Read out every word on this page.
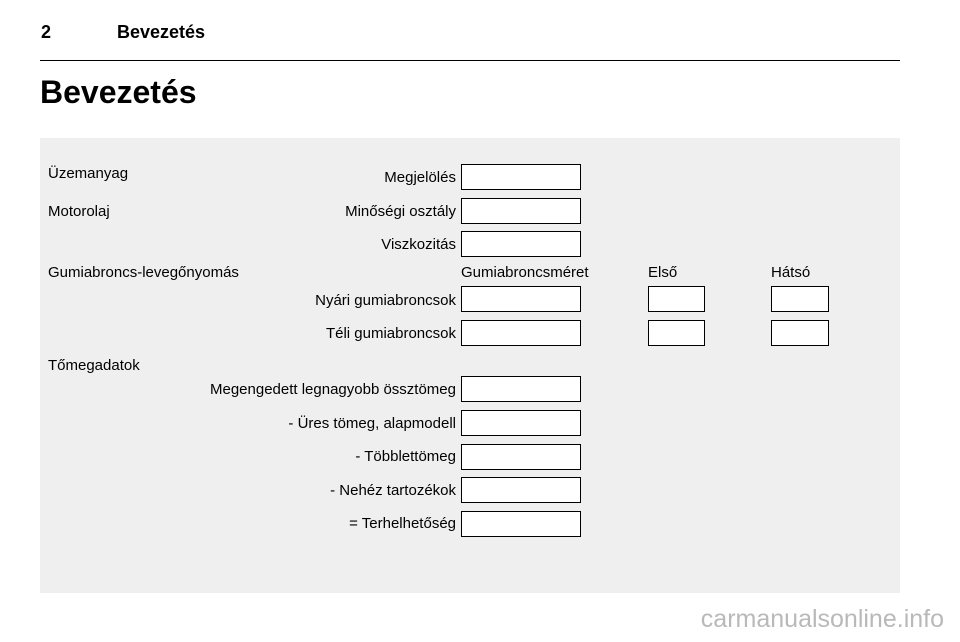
2	Bevezetés
Bevezetés
Üzemanyag	Megjelölés
Motorolaj	Minőségi osztály
Viszkozitás
Gumiabroncs-levegőnyomás	Gumiabroncsméret	Első	Hátsó
Nyári gumiabroncsok
Téli gumiabroncsok
Tőmegadatok
Megengedett legnagyobb össztömeg
- Üres tömeg, alapmodell
- Többlettömeg
- Nehéz tartozékok
= Terhelhetőség
carmanualsonline.info
